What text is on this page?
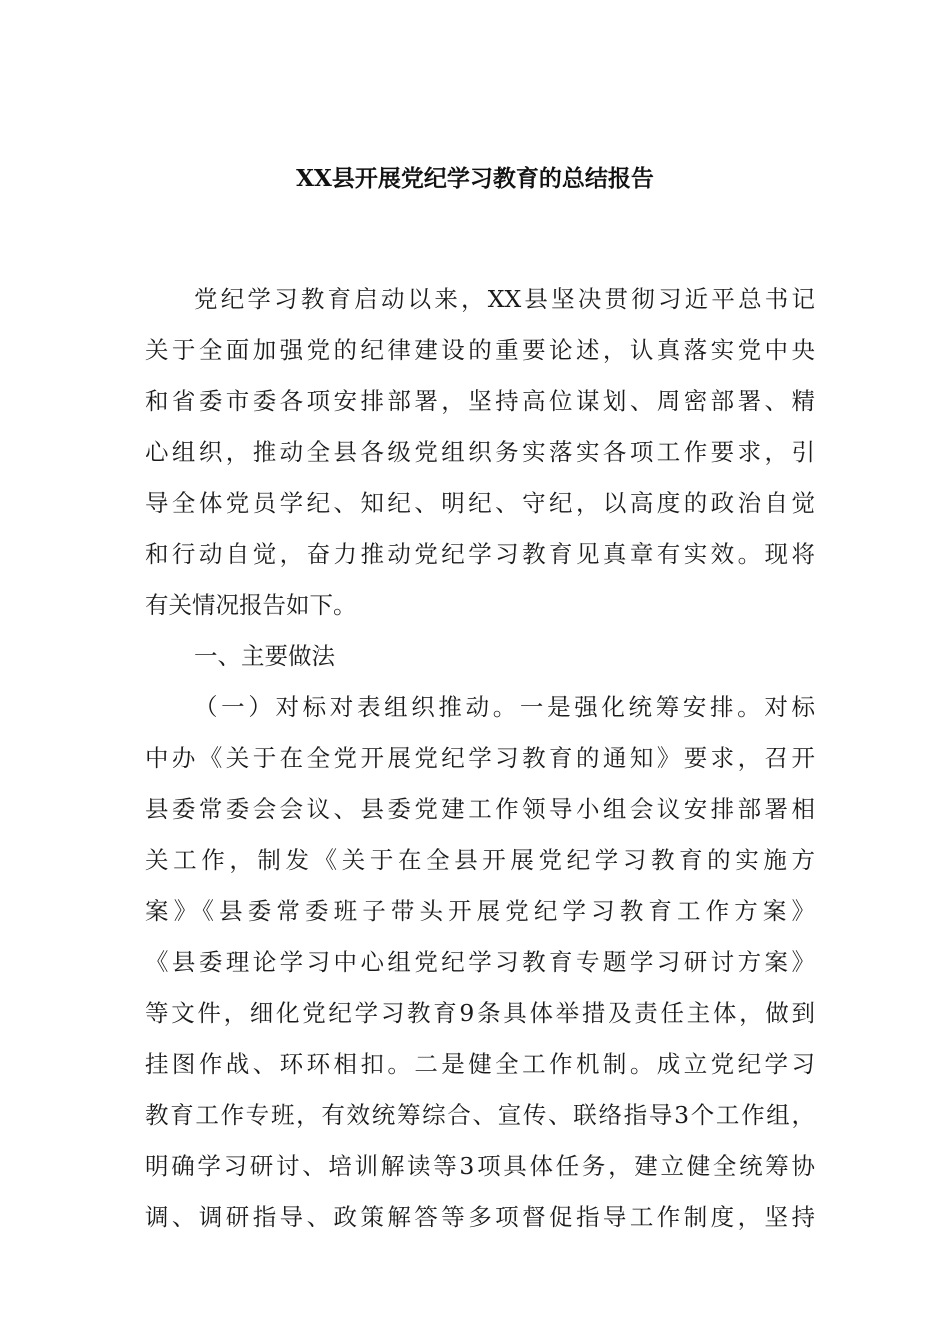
XX县开展党纪学习教育的总结报告
党纪学习教育启动以来，XX县坚决贯彻习近平总书记
关于全面加强党的纪律建设的重要论述，认真落实党中央
和省委市委各项安排部署，坚持高位谋划、周密部署、精
心组织，推动全县各级党组织务实落实各项工作要求，引
导全体党员学纪、知纪、明纪、守纪，以高度的政治自觉
和行动自觉，奋力推动党纪学习教育见真章有实效。现将
有关情况报告如下。
一、主要做法
（一）对标对表组织推动。一是强化统筹安排。对标
中办《关于在全党开展党纪学习教育的通知》要求，召开
县委常委会会议、县委党建工作领导小组会议安排部署相
关工作，制发《关于在全县开展党纪学习教育的实施方
案》《县委常委班子带头开展党纪学习教育工作方案》
《县委理论学习中心组党纪学习教育专题学习研讨方案》
等文件，细化党纪学习教育9条具体举措及责任主体，做到
挂图作战、环环相扣。二是健全工作机制。成立党纪学习
教育工作专班，有效统筹综合、宣传、联络指导3个工作组，
明确学习研讨、培训解读等3项具体任务，建立健全统筹协
调、调研指导、政策解答等多项督促指导工作制度，坚持
